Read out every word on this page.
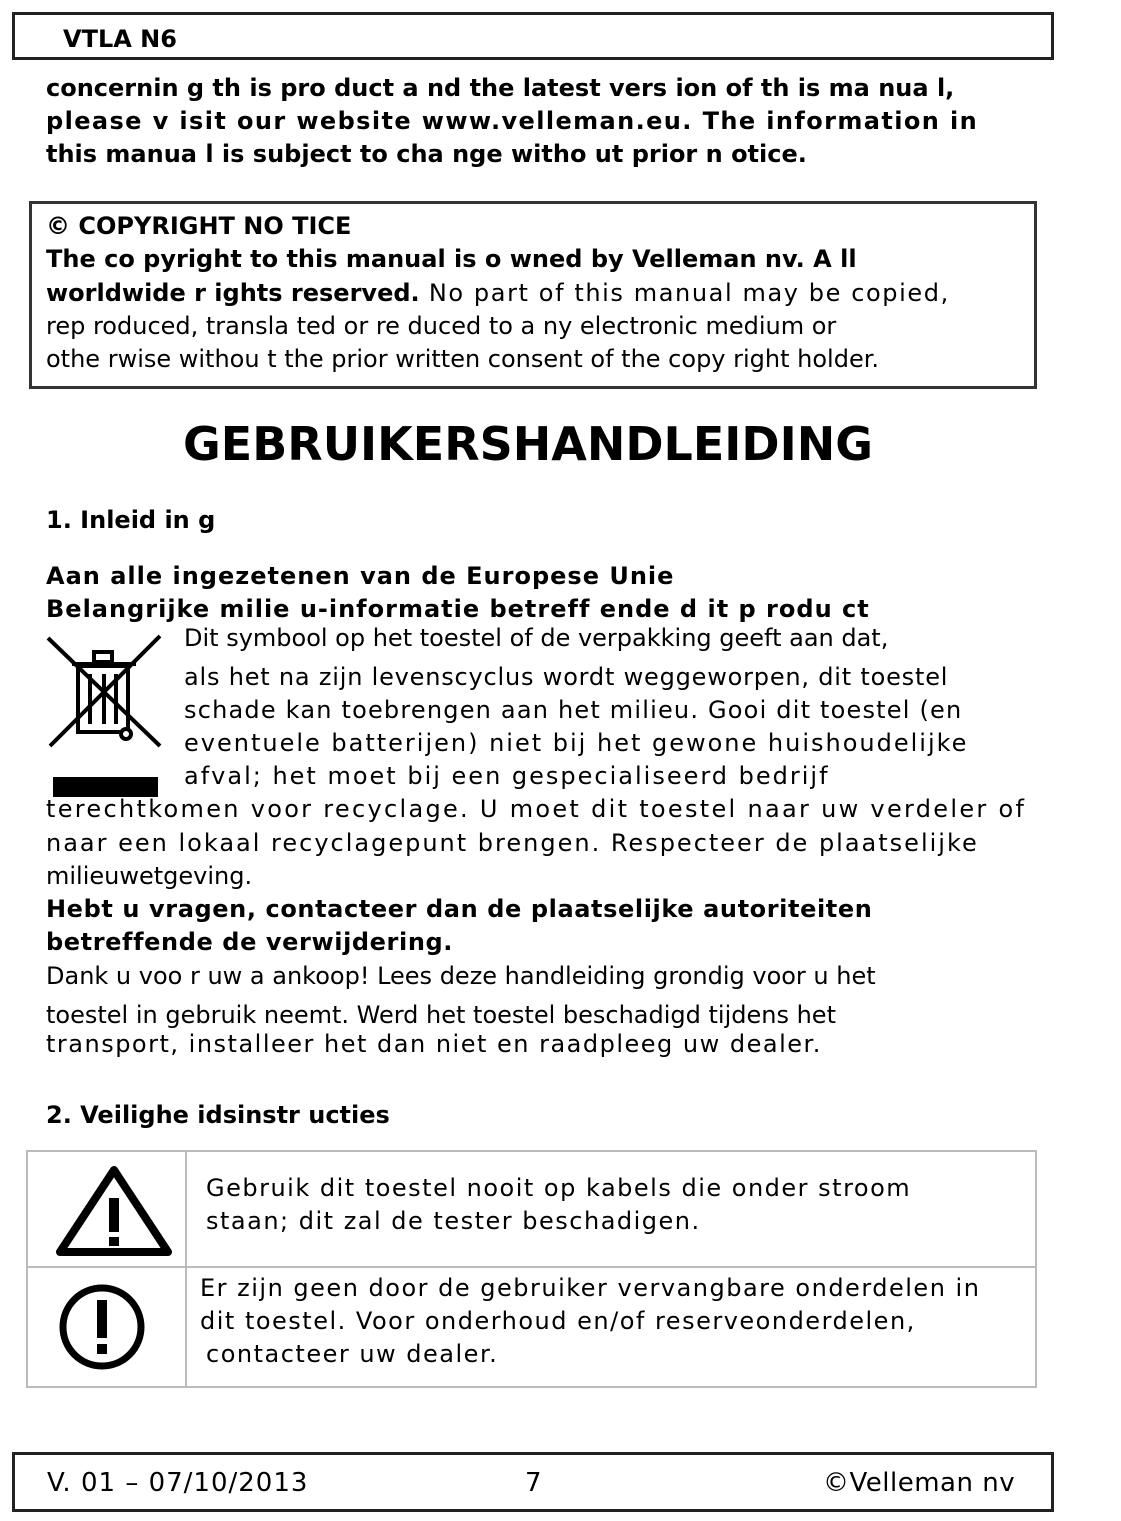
VTLA N6
concernin g th is pro duct a nd the latest vers ion of th is ma nua l,
please v isit our website www.velleman.eu. The information in
this manua l is subject to cha nge witho ut prior n otice.
© COPYRIGHT NO TICE
The co pyright to this manual is o wned by Velleman nv. A ll
worldwide r ights reserved. No part of this manual may be copied,
rep roduced, transla ted or re duced to a ny electronic medium or
othe rwise withou t the prior written consent of the copy right holder.
GEBRUIKERSHANDLEIDING
1. Inleid in g
Aan alle ingezetenen van de Europese Unie
Belangrijke milie u-informatie betreff ende d it p rodu ct
Dit symbool op het toestel of de verpakking geeft aan dat,
als het na zijn levenscyclus wordt weggeworpen, dit toestel
schade kan toebrengen aan het milieu. Gooi dit toestel (en
eventuele batterijen) niet bij het gewone huishoudelijke
afval; het moet bij een gespecialiseerd bedrijf
terechtkomen voor recyclage. U moet dit toestel naar uw verdeler of
naar een lokaal recyclagepunt brengen. Respecteer de plaatselijke
milieuwetgeving.
Hebt u vragen, contacteer dan de plaatselijke autoriteiten
betreffende de verwijdering.
Dank u voo r uw a ankoop! Lees deze handleiding grondig voor u het
toestel in gebruik neemt. Werd het toestel beschadigd tijdens het
transport, installeer het dan niet en raadpleeg uw dealer.
2. Veilighe idsinstr ucties
Gebruik dit toestel nooit op kabels die onder stroom
staan; dit zal de tester beschadigen.
Er zijn geen door de gebruiker vervangbare onderdelen in
dit toestel. Voor onderhoud en/of reserveonderdelen,
contacteer uw dealer.
V. 01 – 07/10/2013	7	©Velleman nv
